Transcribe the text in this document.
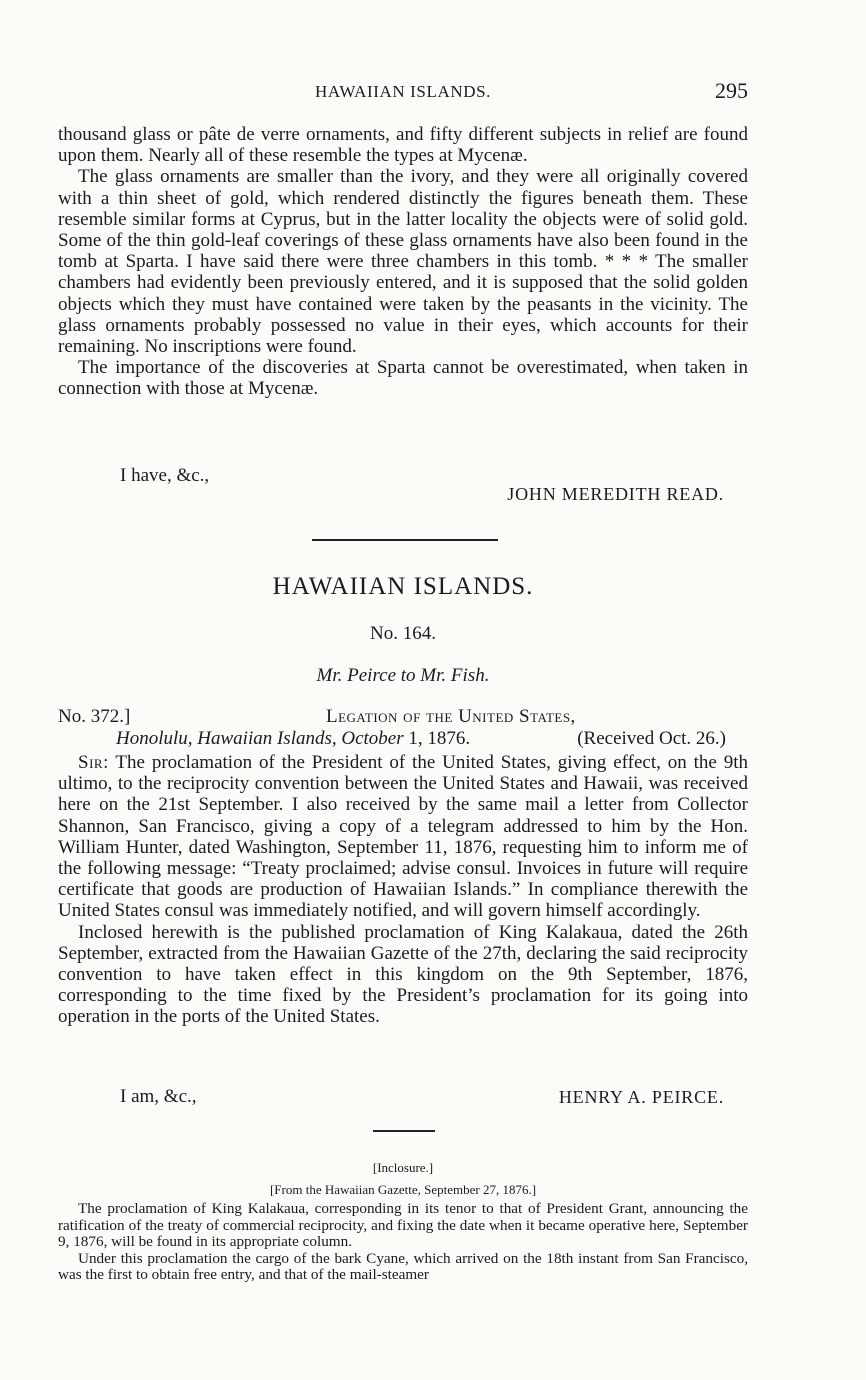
HAWAIIAN ISLANDS.	295

thousand glass or pâte de verre ornaments, and fifty different subjects in relief are found upon them. Nearly all of these resemble the types at Mycenæ.

The glass ornaments are smaller than the ivory, and they were all originally covered with a thin sheet of gold, which rendered distinctly the figures beneath them. These resemble similar forms at Cyprus, but in the latter locality the objects were of solid gold. Some of the thin gold-leaf coverings of these glass ornaments have also been found in the tomb at Sparta. I have said there were three chambers in this tomb. * * * The smaller chambers had evidently been previously entered, and it is supposed that the solid golden objects which they must have contained were taken by the peasants in the vicinity. The glass ornaments probably possessed no value in their eyes, which accounts for their remaining. No inscriptions were found.

The importance of the discoveries at Sparta cannot be overestimated, when taken in connection with those at Mycenæ.

I have, &c.,
JOHN MEREDITH READ.
HAWAIIAN ISLANDS.
No. 164.
Mr. Peirce to Mr. Fish.
No. 372.]	Legation of the United States,
Honolulu, Hawaiian Islands, October 1, 1876.	(Received Oct. 26.)

Sir: The proclamation of the President of the United States, giving effect, on the 9th ultimo, to the reciprocity convention between the United States and Hawaii, was received here on the 21st September. I also received by the same mail a letter from Collector Shannon, San Francisco, giving a copy of a telegram addressed to him by the Hon. William Hunter, dated Washington, September 11, 1876, requesting him to inform me of the following message: “Treaty proclaimed; advise consul. Invoices in future will require certificate that goods are production of Hawaiian Islands.” In compliance therewith the United States consul was immediately notified, and will govern himself accordingly.

Inclosed herewith is the published proclamation of King Kalakaua, dated the 26th September, extracted from the Hawaiian Gazette of the 27th, declaring the said reciprocity convention to have taken effect in this kingdom on the 9th September, 1876, corresponding to the time fixed by the President’s proclamation for its going into operation in the ports of the United States.

I am, &c.,	HENRY A. PEIRCE.
[Inclosure.]
[From the Hawaiian Gazette, September 27, 1876.]

The proclamation of King Kalakaua, corresponding in its tenor to that of President Grant, announcing the ratification of the treaty of commercial reciprocity, and fixing the date when it became operative here, September 9, 1876, will be found in its appropriate column.

Under this proclamation the cargo of the bark Cyane, which arrived on the 18th instant from San Francisco, was the first to obtain free entry, and that of the mail-steamer
